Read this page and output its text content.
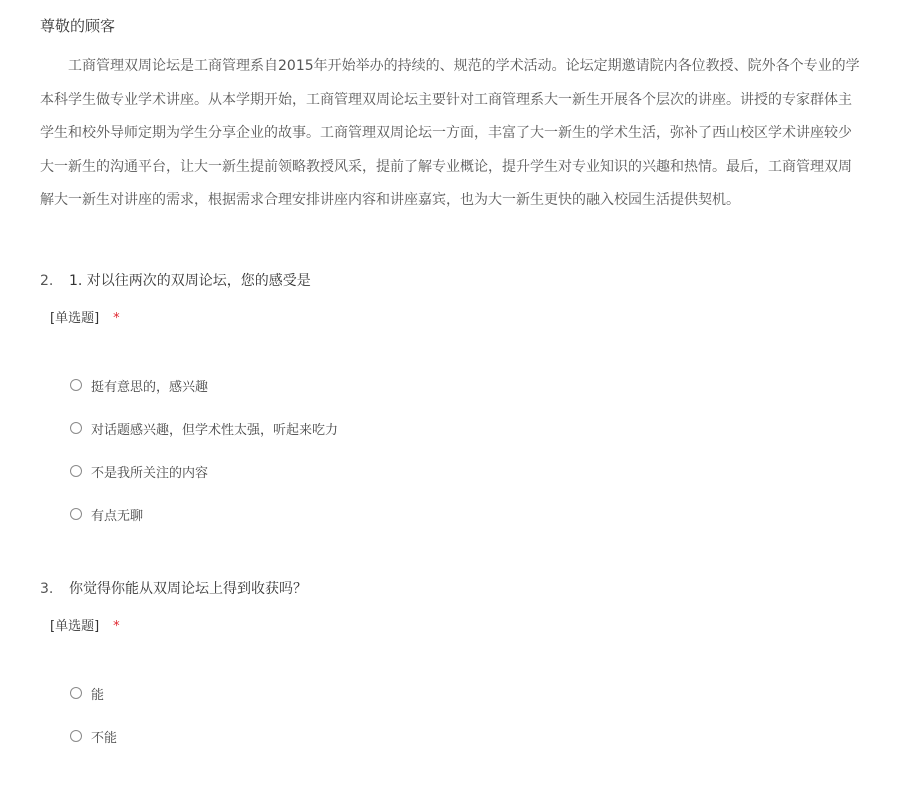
尊敬的顾客
　　工商管理双周论坛是工商管理系自2015年开始举办的持续的、规范的学术活动。论坛定期邀请院内各位教授、院外各个专业的学
本科学生做专业学术讲座。从本学期开始，工商管理双周论坛主要针对工商管理系大一新生开展各个层次的讲座。讲授的专家群体主
学生和校外导师定期为学生分享企业的故事。工商管理双周论坛一方面，丰富了大一新生的学术生活，弥补了西山校区学术讲座较少
大一新生的沟通平台，让大一新生提前领略教授风采，提前了解专业概论，提升学生对专业知识的兴趣和热情。最后，工商管理双周
解大一新生对讲座的需求，根据需求合理安排讲座内容和讲座嘉宾，也为大一新生更快的融入校园生活提供契机。
2. 1. 对以往两次的双周论坛，您的感受是
[单选题] *
挺有意思的，感兴趣
对话题感兴趣，但学术性太强，听起来吃力
不是我所关注的内容
有点无聊
3. 你觉得你能从双周论坛上得到收获吗？
[单选题] *
能
不能
